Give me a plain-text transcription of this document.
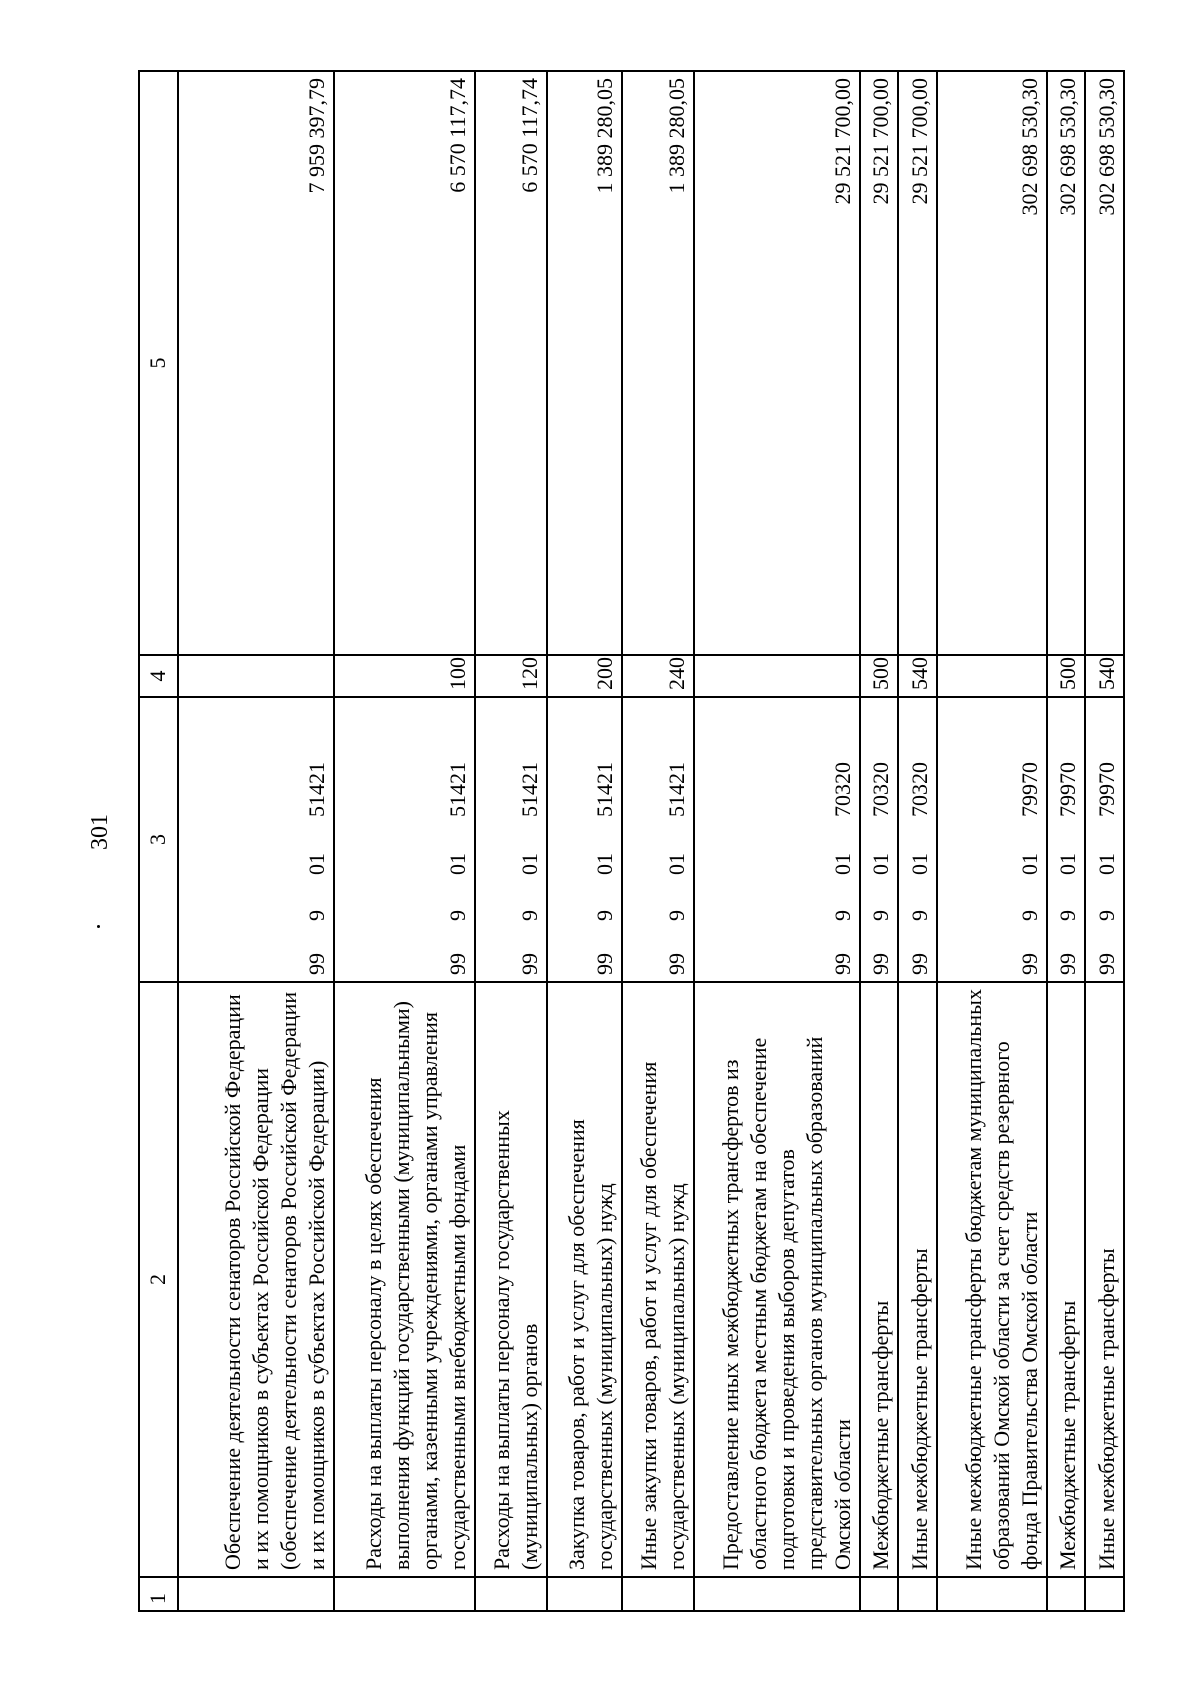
301
1	2	3	4	5
	Обеспечение деятельности сенаторов Российской Федерации и их помощников в субъектах Российской Федерации (обеспечение деятельности сенаторов Российской Федерации и их помощников в субъектах Российской Федерации)	9990151421		7 959 397,79
	Расходы на выплаты персоналу в целях обеспечения выполнения функций государственными (муниципальными) органами, казенными учреждениями, органами управления государственными внебюджетными фондами	9990151421	100	6 570 117,74
	Расходы на выплаты персоналу государственных (муниципальных) органов	9990151421	120	6 570 117,74
	Закупка товаров, работ и услуг для обеспечения государственных (муниципальных) нужд	9990151421	200	1 389 280,05
	Иные закупки товаров, работ и услуг для обеспечения государственных (муниципальных) нужд	9990151421	240	1 389 280,05
	Предоставление иных межбюджетных трансфертов из областного бюджета местным бюджетам на обеспечение подготовки и проведения выборов депутатов представительных органов муниципальных образований Омской области	9990170320		29 521 700,00
	Межбюджетные трансферты	9990170320	500	29 521 700,00
	Иные межбюджетные трансферты	9990170320	540	29 521 700,00
	Иные межбюджетные трансферты бюджетам муниципальных образований Омской области за счет средств резервного фонда Правительства Омской области	9990179970		302 698 530,30
	Межбюджетные трансферты	9990179970	500	302 698 530,30
	Иные межбюджетные трансферты	9990179970	540	302 698 530,30
